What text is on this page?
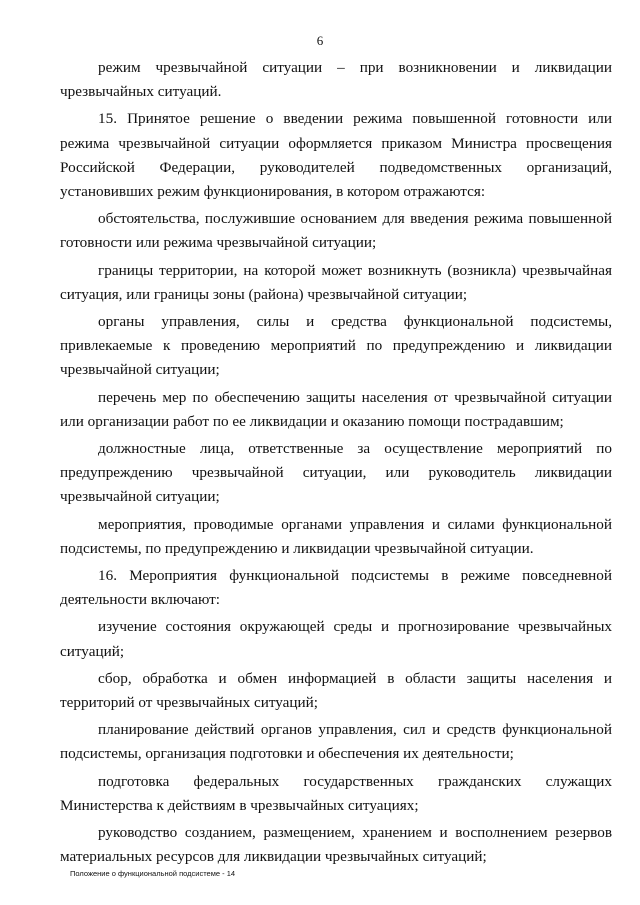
6

режим чрезвычайной ситуации – при возникновении и ликвидации чрезвычайных ситуаций.

15. Принятое решение о введении режима повышенной готовности или режима чрезвычайной ситуации оформляется приказом Министра просвещения Российской Федерации, руководителей подведомственных организаций, установивших режим функционирования, в котором отражаются:

обстоятельства, послужившие основанием для введения режима повышенной готовности или режима чрезвычайной ситуации;

границы территории, на которой может возникнуть (возникла) чрезвычайная ситуация, или границы зоны (района) чрезвычайной ситуации;

органы управления, силы и средства функциональной подсистемы, привлекаемые к проведению мероприятий по предупреждению и ликвидации чрезвычайной ситуации;

перечень мер по обеспечению защиты населения от чрезвычайной ситуации или организации работ по ее ликвидации и оказанию помощи пострадавшим;

должностные лица, ответственные за осуществление мероприятий по предупреждению чрезвычайной ситуации, или руководитель ликвидации чрезвычайной ситуации;

мероприятия, проводимые органами управления и силами функциональной подсистемы, по предупреждению и ликвидации чрезвычайной ситуации.

16. Мероприятия функциональной подсистемы в режиме повседневной деятельности включают:

изучение состояния окружающей среды и прогнозирование чрезвычайных ситуаций;

сбор, обработка и обмен информацией в области защиты населения и территорий от чрезвычайных ситуаций;

планирование действий органов управления, сил и средств функциональной подсистемы, организация подготовки и обеспечения их деятельности;

подготовка федеральных государственных гражданских служащих Министерства к действиям в чрезвычайных ситуациях;

руководство созданием, размещением, хранением и восполнением резервов материальных ресурсов для ликвидации чрезвычайных ситуаций;

Положение о функциональной подсистеме - 14
